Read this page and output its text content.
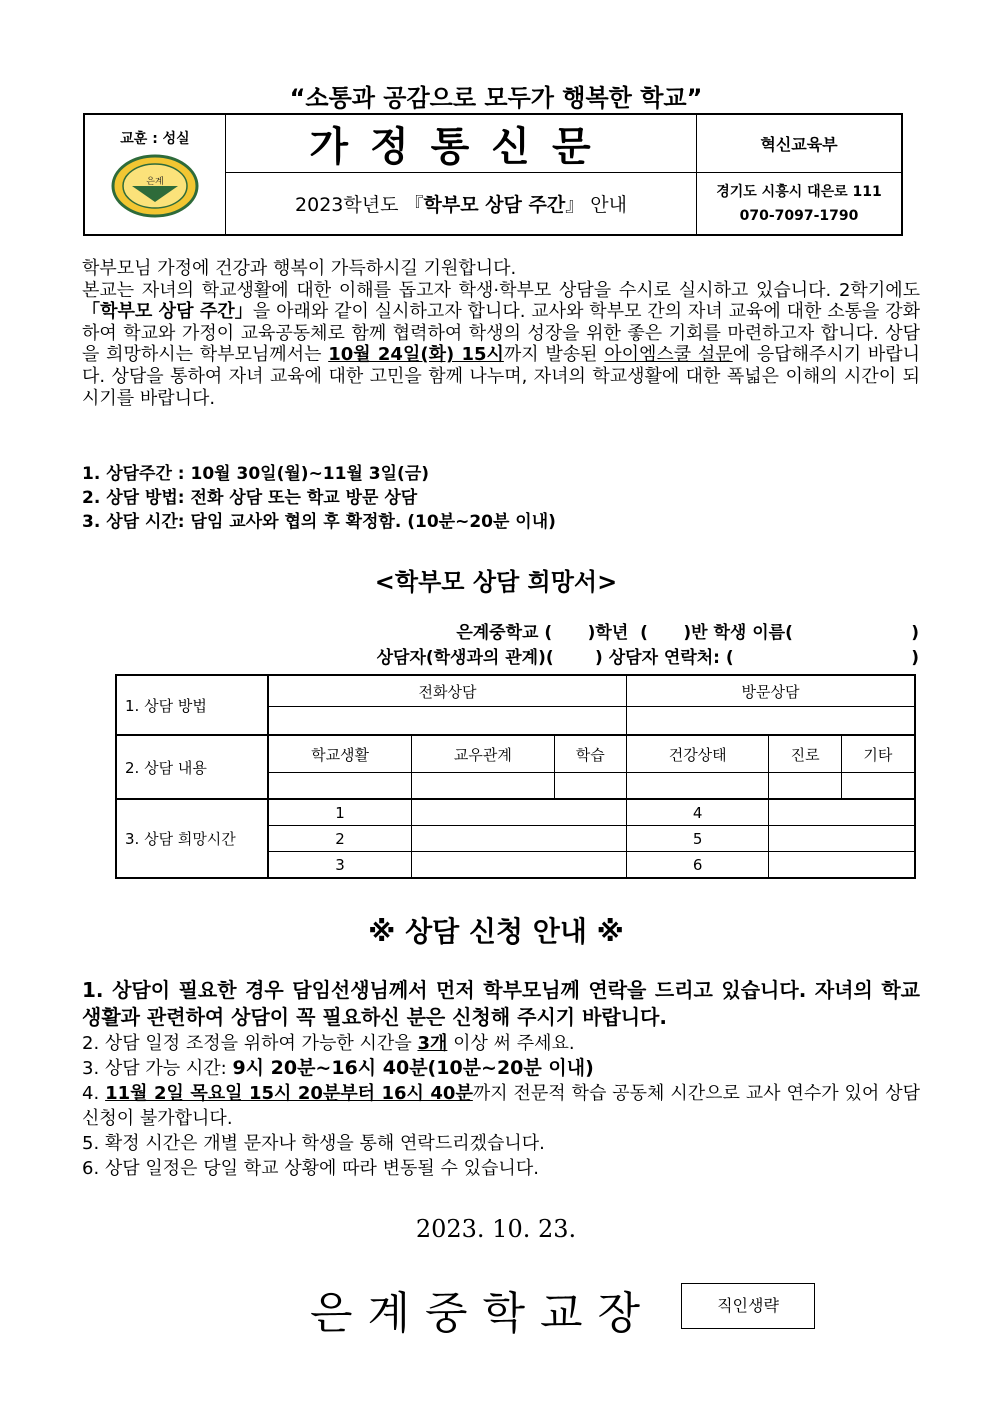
“소통과 공감으로 모두가 행복한 학교”
교훈 : 성실
은계	가정통신문	혁신교육부
	2023학년도 『학부모 상담 주간』 안내	경기도 시흥시 대은로 111
070-7097-1790

학부모님 가정에 건강과 행복이 가득하시길 기원합니다.

본교는 자녀의 학교생활에 대한 이해를 돕고자 학생·학부모 상담을 수시로 실시하고 있습니다. 2학기에도 「학부모 상담 주간」을 아래와 같이 실시하고자 합니다. 교사와 학부모 간의 자녀 교육에 대한 소통을 강화하여 학교와 가정이 교육공동체로 함께 협력하여 학생의 성장을 위한 좋은 기회를 마련하고자 합니다. 상담을 희망하시는 학부모님께서는 10월 24일(화) 15시까지 발송된 아이엠스쿨 설문에 응답해주시기 바랍니다. 상담을 통하여 자녀 교육에 대한 고민을 함께 나누며, 자녀의 학교생활에 대한 폭넓은 이해의 시간이 되시기를 바랍니다.

1. 상담주간 : 10월 30일(월)~11월 3일(금)
2. 상담 방법: 전화 상담 또는 학교 방문 상담
3. 상담 시간: 담임 교사와 협의 후 확정함. (10분~20분 이내)
<학부모 상담 희망서>
은계중학교 (      )학년  (      )반 학생 이름(                    )
상담자(학생과의 관계)(       ) 상담자 연락처: (                              )
1. 상담 방법	전화상담			방문상담		

2. 상담 내용	학교생활	교우관계	학습	건강상태	진로	기타

3. 상담 희망시간	1			4		
	2			5		
	3			6		
※ 상담 신청 안내 ※

1. 상담이 필요한 경우 담임선생님께서 먼저 학부모님께 연락을 드리고 있습니다. 자녀의 학교 생활과 관련하여 상담이 꼭 필요하신 분은 신청해 주시기 바랍니다.

2. 상담 일정 조정을 위하여 가능한 시간을 3개 이상 써 주세요.

3. 상담 가능 시간: 9시 20분~16시 40분(10분~20분 이내)

4. 11월 2일 목요일 15시 20분부터 16시 40분까지 전문적 학습 공동체 시간으로 교사 연수가 있어 상담 신청이 불가합니다.

5. 확정 시간은 개별 문자나 학생을 통해 연락드리겠습니다.

6. 상담 일정은 당일 학교 상황에 따라 변동될 수 있습니다.

2023. 10. 23.
은계중학교장	직인생략
